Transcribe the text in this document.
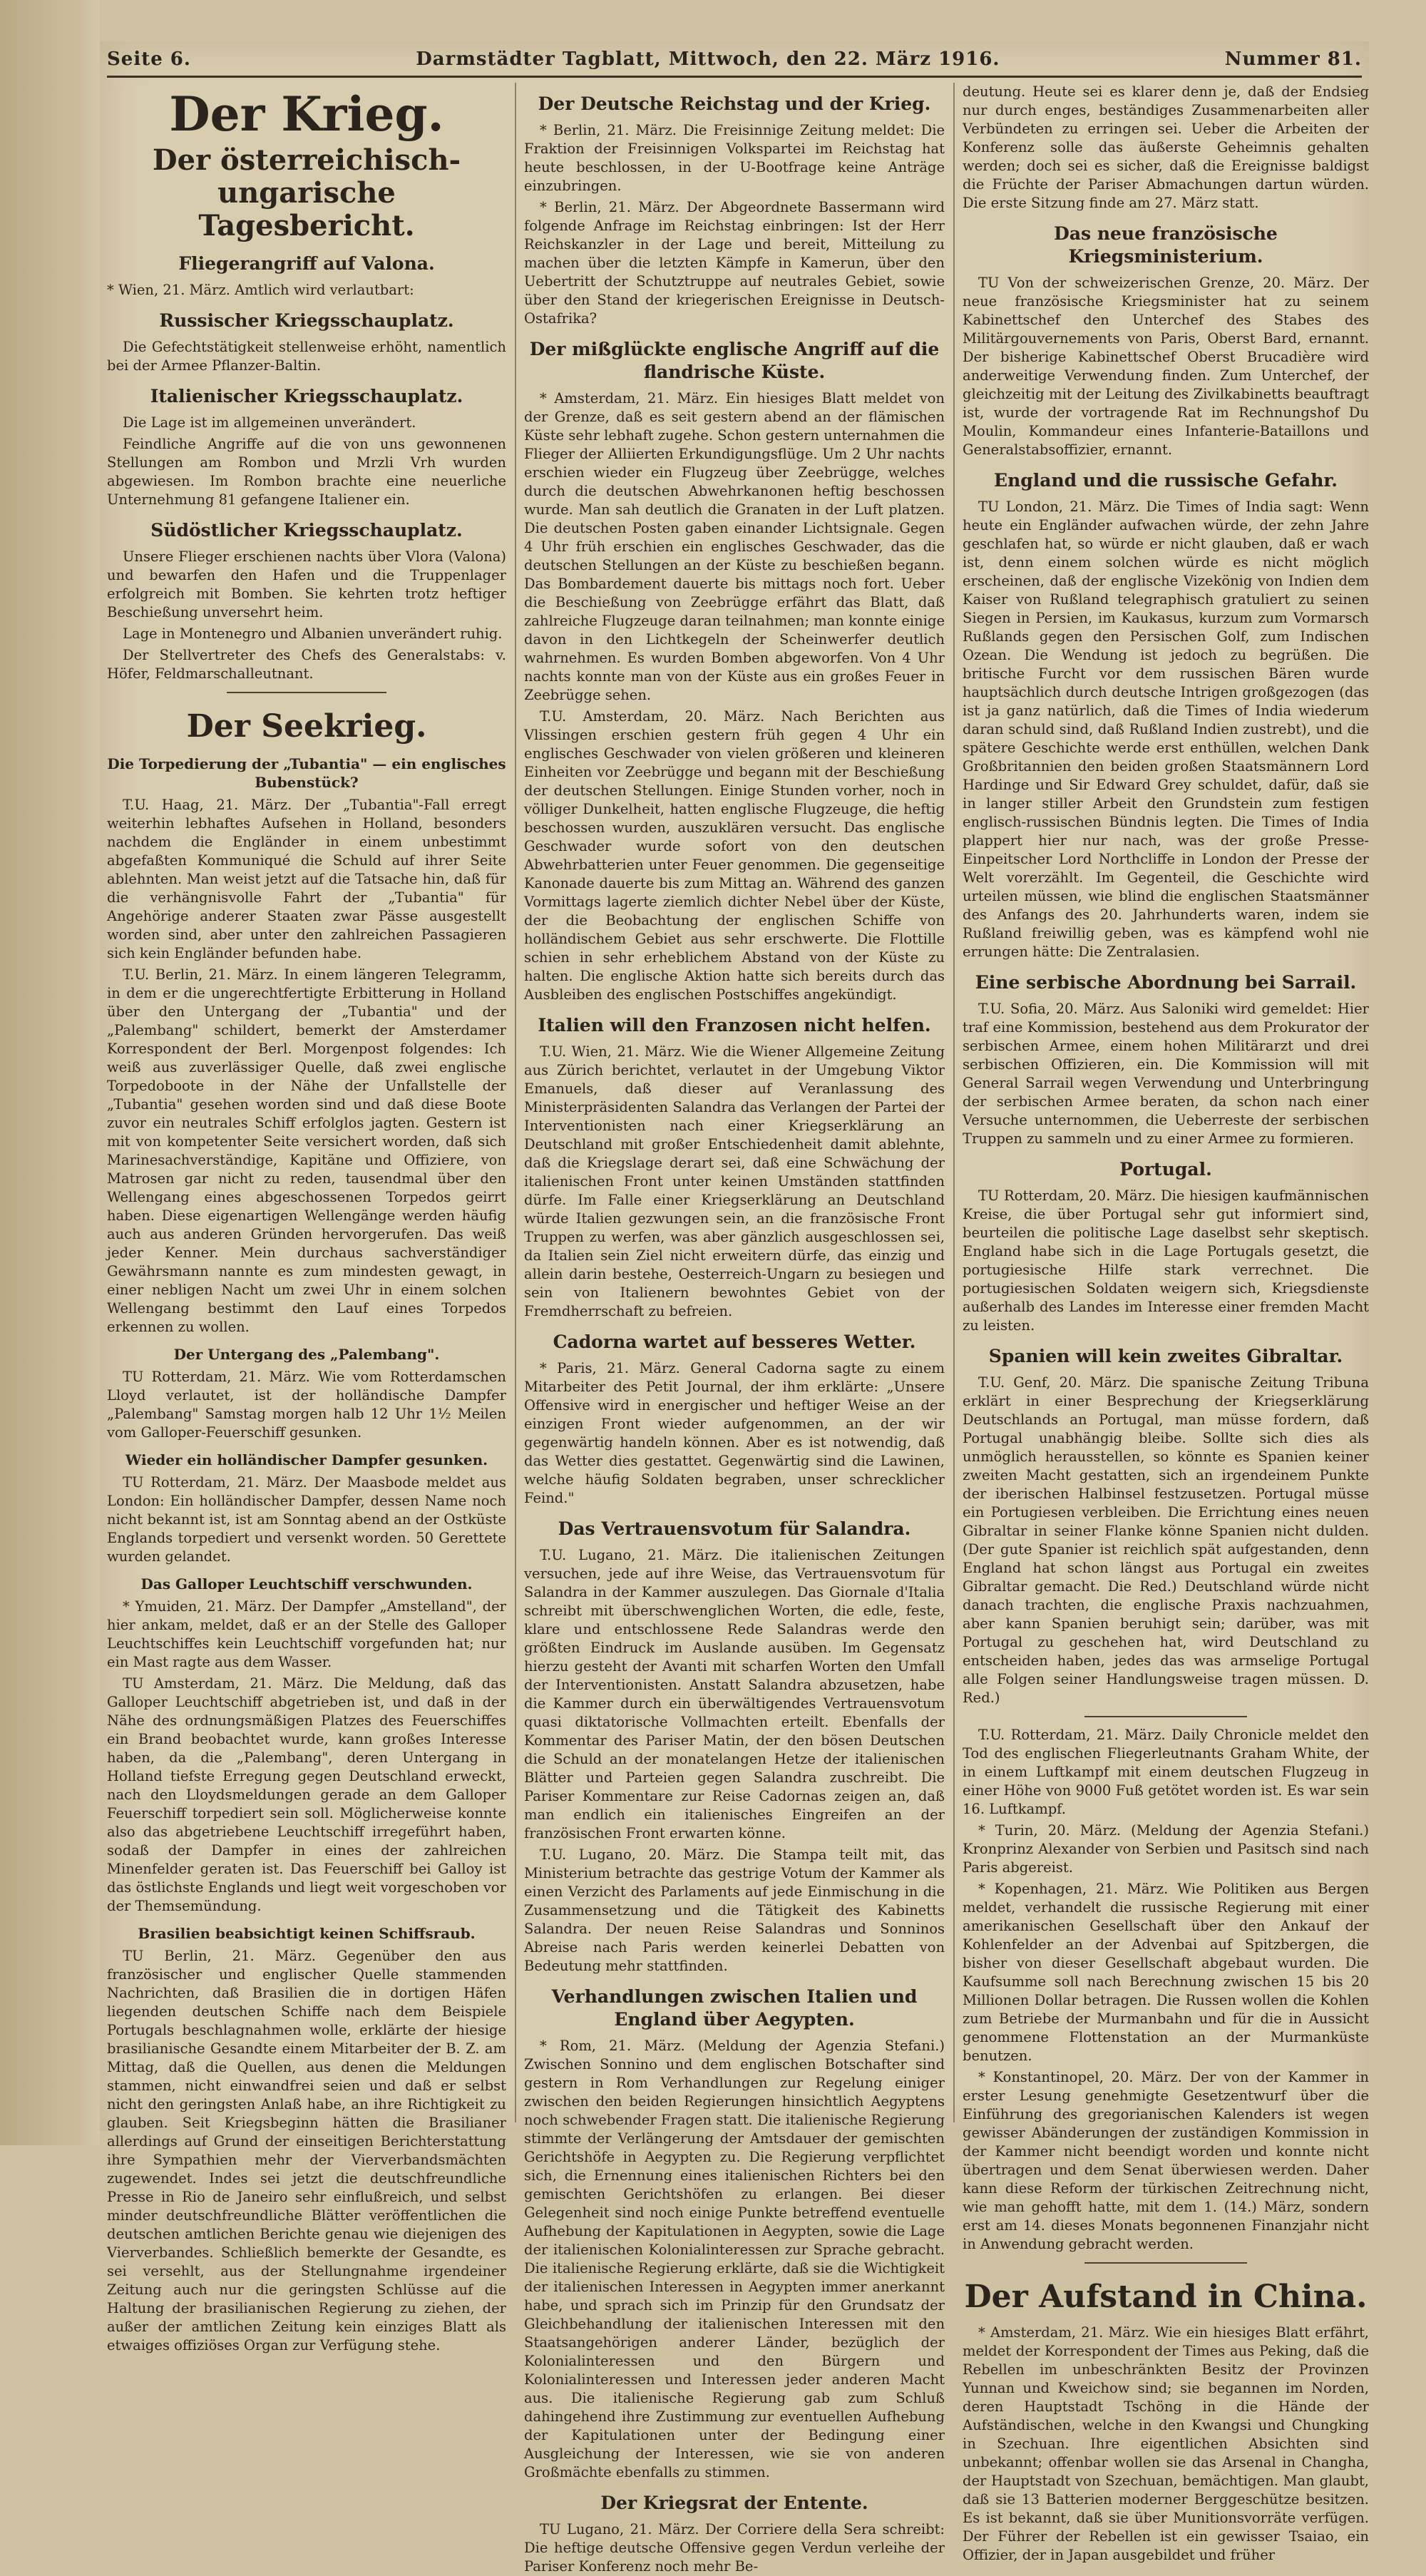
Seite 6.	Darmstädter Tagblatt, Mittwoch, den 22. März 1916.	Nummer 81.
Der Krieg.
Der österreichisch-ungarische Tagesbericht.
Fliegerangriff auf Valona.

* Wien, 21. März. Amtlich wird verlautbart:

Russischer Kriegsschauplatz.

Die Gefechtstätigkeit stellenweise erhöht, namentlich bei der Armee Pflanzer-Baltin.

Italienischer Kriegsschauplatz.

Die Lage ist im allgemeinen unverändert.

Feindliche Angriffe auf die von uns gewonnenen Stellungen am Rombon und Mrzli Vrh wurden abgewiesen. Im Rombon brachte eine neuerliche Unternehmung 81 gefangene Italiener ein.

Südöstlicher Kriegsschauplatz.

Unsere Flieger erschienen nachts über Vlora (Valona) und bewarfen den Hafen und die Truppenlager erfolgreich mit Bomben. Sie kehrten trotz heftiger Beschießung unversehrt heim.

Lage in Montenegro und Albanien unverändert ruhig.

Der Stellvertreter des Chefs des Generalstabs: v. Höfer, Feldmarschalleutnant.

Der Seekrieg.
Die Torpedierung der „Tubantia" — ein englisches Bubenstück?

T.U. Haag, 21. März. Der „Tubantia"-Fall erregt weiterhin lebhaftes Aufsehen in Holland, besonders nachdem die Engländer in einem unbestimmt abgefaßten Kommuniqué die Schuld auf ihrer Seite ablehnten. Man weist jetzt auf die Tatsache hin, daß für die verhängnisvolle Fahrt der „Tubantia" für Angehörige anderer Staaten zwar Pässe ausgestellt worden sind, aber unter den zahlreichen Passagieren sich kein Engländer befunden habe.

T.U. Berlin, 21. März. In einem längeren Telegramm, in dem er die ungerechtfertigte Erbitterung in Holland über den Untergang der „Tubantia" und der „Palembang" schildert, bemerkt der Amsterdamer Korrespondent der Berl. Morgenpost folgendes: Ich weiß aus zuverlässiger Quelle, daß zwei englische Torpedoboote in der Nähe der Unfallstelle der „Tubantia" gesehen worden sind und daß diese Boote zuvor ein neutrales Schiff erfolglos jagten. Gestern ist mit von kompetenter Seite versichert worden, daß sich Marinesachverständige, Kapitäne und Offiziere, von Matrosen gar nicht zu reden, tausendmal über den Wellengang eines abgeschossenen Torpedos geirrt haben. Diese eigenartigen Wellengänge werden häufig auch aus anderen Gründen hervorgerufen. Das weiß jeder Kenner. Mein durchaus sachverständiger Gewährsmann nannte es zum mindesten gewagt, in einer nebligen Nacht um zwei Uhr in einem solchen Wellengang bestimmt den Lauf eines Torpedos erkennen zu wollen.

Der Untergang des „Palembang".

TU Rotterdam, 21. März. Wie vom Rotterdamschen Lloyd verlautet, ist der holländische Dampfer „Palembang" Samstag morgen halb 12 Uhr 1½ Meilen vom Galloper-Feuerschiff gesunken.

Wieder ein holländischer Dampfer gesunken.

TU Rotterdam, 21. März. Der Maasbode meldet aus London: Ein holländischer Dampfer, dessen Name noch nicht bekannt ist, ist am Sonntag abend an der Ostküste Englands torpediert und versenkt worden. 50 Gerettete wurden gelandet.

Das Galloper Leuchtschiff verschwunden.

* Ymuiden, 21. März. Der Dampfer „Amstelland", der hier ankam, meldet, daß er an der Stelle des Galloper Leuchtschiffes kein Leuchtschiff vorgefunden hat; nur ein Mast ragte aus dem Wasser.

TU Amsterdam, 21. März. Die Meldung, daß das Galloper Leuchtschiff abgetrieben ist, und daß in der Nähe des ordnungsmäßigen Platzes des Feuerschiffes ein Brand beobachtet wurde, kann großes Interesse haben, da die „Palembang", deren Untergang in Holland tiefste Erregung gegen Deutschland erweckt, nach den Lloydsmeldungen gerade an dem Galloper Feuerschiff torpediert sein soll. Möglicherweise konnte also das abgetriebene Leuchtschiff irregeführt haben, sodaß der Dampfer in eines der zahlreichen Minenfelder geraten ist. Das Feuerschiff bei Galloy ist das östlichste Englands und liegt weit vorgeschoben vor der Themsemündung.

Brasilien beabsichtigt keinen Schiffsraub.

TU Berlin, 21. März. Gegenüber den aus französischer und englischer Quelle stammenden Nachrichten, daß Brasilien die in dortigen Häfen liegenden deutschen Schiffe nach dem Beispiele Portugals beschlagnahmen wolle, erklärte der hiesige brasilianische Gesandte einem Mitarbeiter der B. Z. am Mittag, daß die Quellen, aus denen die Meldungen stammen, nicht einwandfrei seien und daß er selbst nicht den geringsten Anlaß habe, an ihre Richtigkeit zu glauben. Seit Kriegsbeginn hätten die Brasilianer allerdings auf Grund der einseitigen Berichterstattung ihre Sympathien mehr der Vierverbandsmächten zugewendet. Indes sei jetzt die deutschfreundliche Presse in Rio de Janeiro sehr einflußreich, und selbst minder deutschfreundliche Blätter veröffentlichen die deutschen amtlichen Berichte genau wie diejenigen des Vierverbandes. Schließlich bemerkte der Gesandte, es sei versehlt, aus der Stellungnahme irgendeiner Zeitung auch nur die geringsten Schlüsse auf die Haltung der brasilianischen Regierung zu ziehen, der außer der amtlichen Zeitung kein einziges Blatt als etwaiges offiziöses Organ zur Verfügung stehe.

Der Deutsche Reichstag und der Krieg.

* Berlin, 21. März. Die Freisinnige Zeitung meldet: Die Fraktion der Freisinnigen Volkspartei im Reichstag hat heute beschlossen, in der U-Bootfrage keine Anträge einzubringen.

* Berlin, 21. März. Der Abgeordnete Bassermann wird folgende Anfrage im Reichstag einbringen: Ist der Herr Reichskanzler in der Lage und bereit, Mitteilung zu machen über die letzten Kämpfe in Kamerun, über den Uebertritt der Schutztruppe auf neutrales Gebiet, sowie über den Stand der kriegerischen Ereignisse in Deutsch-Ostafrika?

Der mißglückte englische Angriff auf die flandrische Küste.

* Amsterdam, 21. März. Ein hiesiges Blatt meldet von der Grenze, daß es seit gestern abend an der flämischen Küste sehr lebhaft zugehe. Schon gestern unternahmen die Flieger der Alliierten Erkundigungsflüge. Um 2 Uhr nachts erschien wieder ein Flugzeug über Zeebrügge, welches durch die deutschen Abwehrkanonen heftig beschossen wurde. Man sah deutlich die Granaten in der Luft platzen. Die deutschen Posten gaben einander Lichtsignale. Gegen 4 Uhr früh erschien ein englisches Geschwader, das die deutschen Stellungen an der Küste zu beschießen begann. Das Bombardement dauerte bis mittags noch fort. Ueber die Beschießung von Zeebrügge erfährt das Blatt, daß zahlreiche Flugzeuge daran teilnahmen; man konnte einige davon in den Lichtkegeln der Scheinwerfer deutlich wahrnehmen. Es wurden Bomben abgeworfen. Von 4 Uhr nachts konnte man von der Küste aus ein großes Feuer in Zeebrügge sehen.

T.U. Amsterdam, 20. März. Nach Berichten aus Vlissingen erschien gestern früh gegen 4 Uhr ein englisches Geschwader von vielen größeren und kleineren Einheiten vor Zeebrügge und begann mit der Beschießung der deutschen Stellungen. Einige Stunden vorher, noch in völliger Dunkelheit, hatten englische Flugzeuge, die heftig beschossen wurden, auszuklären versucht. Das englische Geschwader wurde sofort von den deutschen Abwehrbatterien unter Feuer genommen. Die gegenseitige Kanonade dauerte bis zum Mittag an. Während des ganzen Vormittags lagerte ziemlich dichter Nebel über der Küste, der die Beobachtung der englischen Schiffe von holländischem Gebiet aus sehr erschwerte. Die Flottille schien in sehr erheblichem Abstand von der Küste zu halten. Die englische Aktion hatte sich bereits durch das Ausbleiben des englischen Postschiffes angekündigt.

Italien will den Franzosen nicht helfen.

T.U. Wien, 21. März. Wie die Wiener Allgemeine Zeitung aus Zürich berichtet, verlautet in der Umgebung Viktor Emanuels, daß dieser auf Veranlassung des Ministerpräsidenten Salandra das Verlangen der Partei der Interventionisten nach einer Kriegserklärung an Deutschland mit großer Entschiedenheit damit ablehnte, daß die Kriegslage derart sei, daß eine Schwächung der italienischen Front unter keinen Umständen stattfinden dürfe. Im Falle einer Kriegserklärung an Deutschland würde Italien gezwungen sein, an die französische Front Truppen zu werfen, was aber gänzlich ausgeschlossen sei, da Italien sein Ziel nicht erweitern dürfe, das einzig und allein darin bestehe, Oesterreich-Ungarn zu besiegen und sein von Italienern bewohntes Gebiet von der Fremdherrschaft zu befreien.

Cadorna wartet auf besseres Wetter.

* Paris, 21. März. General Cadorna sagte zu einem Mitarbeiter des Petit Journal, der ihm erklärte: „Unsere Offensive wird in energischer und heftiger Weise an der einzigen Front wieder aufgenommen, an der wir gegenwärtig handeln können. Aber es ist notwendig, daß das Wetter dies gestattet. Gegenwärtig sind die Lawinen, welche häufig Soldaten begraben, unser schrecklicher Feind."

Das Vertrauensvotum für Salandra.

T.U. Lugano, 21. März. Die italienischen Zeitungen versuchen, jede auf ihre Weise, das Vertrauensvotum für Salandra in der Kammer auszulegen. Das Giornale d'Italia schreibt mit überschwenglichen Worten, die edle, feste, klare und entschlossene Rede Salandras werde den größten Eindruck im Auslande ausüben. Im Gegensatz hierzu gesteht der Avanti mit scharfen Worten den Umfall der Interventionisten. Anstatt Salandra abzusetzen, habe die Kammer durch ein überwältigendes Vertrauensvotum quasi diktatorische Vollmachten erteilt. Ebenfalls der Kommentar des Pariser Matin, der den bösen Deutschen die Schuld an der monatelangen Hetze der italienischen Blätter und Parteien gegen Salandra zuschreibt. Die Pariser Kommentare zur Reise Cadornas zeigen an, daß man endlich ein italienisches Eingreifen an der französischen Front erwarten könne.

T.U. Lugano, 20. März. Die Stampa teilt mit, das Ministerium betrachte das gestrige Votum der Kammer als einen Verzicht des Parlaments auf jede Einmischung in die Zusammensetzung und die Tätigkeit des Kabinetts Salandra. Der neuen Reise Salandras und Sonninos Abreise nach Paris werden keinerlei Debatten von Bedeutung mehr stattfinden.

Verhandlungen zwischen Italien und England über Aegypten.

* Rom, 21. März. (Meldung der Agenzia Stefani.) Zwischen Sonnino und dem englischen Botschafter sind gestern in Rom Verhandlungen zur Regelung einiger zwischen den beiden Regierungen hinsichtlich Aegyptens noch schwebender Fragen statt. Die italienische Regierung stimmte der Verlängerung der Amtsdauer der gemischten Gerichtshöfe in Aegypten zu. Die Regierung verpflichtet sich, die Ernennung eines italienischen Richters bei den gemischten Gerichtshöfen zu erlangen. Bei dieser Gelegenheit sind noch einige Punkte betreffend eventuelle Aufhebung der Kapitulationen in Aegypten, sowie die Lage der italienischen Kolonialinteressen zur Sprache gebracht. Die italienische Regierung erklärte, daß sie die Wichtigkeit der italienischen Interessen in Aegypten immer anerkannt habe, und sprach sich im Prinzip für den Grundsatz der Gleichbehandlung der italienischen Interessen mit den Staatsangehörigen anderer Länder, bezüglich der Kolonialinteressen und den Bürgern und Kolonialinteressen und Interessen jeder anderen Macht aus. Die italienische Regierung gab zum Schluß dahingehend ihre Zustimmung zur eventuellen Aufhebung der Kapitulationen unter der Bedingung einer Ausgleichung der Interessen, wie sie von anderen Großmächte ebenfalls zu stimmen.

Der Kriegsrat der Entente.

TU Lugano, 21. März. Der Corriere della Sera schreibt: Die heftige deutsche Offensive gegen Verdun verleihe der Pariser Konferenz noch mehr Be-

deutung. Heute sei es klarer denn je, daß der Endsieg nur durch enges, beständiges Zusammenarbeiten aller Verbündeten zu erringen sei. Ueber die Arbeiten der Konferenz solle das äußerste Geheimnis gehalten werden; doch sei es sicher, daß die Ereignisse baldigst die Früchte der Pariser Abmachungen dartun würden. Die erste Sitzung finde am 27. März statt.

Das neue französische Kriegsministerium.

TU Von der schweizerischen Grenze, 20. März. Der neue französische Kriegsminister hat zu seinem Kabinettschef den Unterchef des Stabes des Militärgouvernements von Paris, Oberst Bard, ernannt. Der bisherige Kabinettschef Oberst Brucadière wird anderweitige Verwendung finden. Zum Unterchef, der gleichzeitig mit der Leitung des Zivilkabinetts beauftragt ist, wurde der vortragende Rat im Rechnungshof Du Moulin, Kommandeur eines Infanterie-Bataillons und Generalstabsoffizier, ernannt.

England und die russische Gefahr.

TU London, 21. März. Die Times of India sagt: Wenn heute ein Engländer aufwachen würde, der zehn Jahre geschlafen hat, so würde er nicht glauben, daß er wach ist, denn einem solchen würde es nicht möglich erscheinen, daß der englische Vizekönig von Indien dem Kaiser von Rußland telegraphisch gratuliert zu seinen Siegen in Persien, im Kaukasus, kurzum zum Vormarsch Rußlands gegen den Persischen Golf, zum Indischen Ozean. Die Wendung ist jedoch zu begrüßen. Die britische Furcht vor dem russischen Bären wurde hauptsächlich durch deutsche Intrigen großgezogen (das ist ja ganz natürlich, daß die Times of India wiederum daran schuld sind, daß Rußland Indien zustrebt), und die spätere Geschichte werde erst enthüllen, welchen Dank Großbritannien den beiden großen Staatsmännern Lord Hardinge und Sir Edward Grey schuldet, dafür, daß sie in langer stiller Arbeit den Grundstein zum festigen englisch-russischen Bündnis legten. Die Times of India plappert hier nur nach, was der große Presse-Einpeitscher Lord Northcliffe in London der Presse der Welt vorerzählt. Im Gegenteil, die Geschichte wird urteilen müssen, wie blind die englischen Staatsmänner des Anfangs des 20. Jahrhunderts waren, indem sie Rußland freiwillig geben, was es kämpfend wohl nie errungen hätte: Die Zentralasien.

Eine serbische Abordnung bei Sarrail.

T.U. Sofia, 20. März. Aus Saloniki wird gemeldet: Hier traf eine Kommission, bestehend aus dem Prokurator der serbischen Armee, einem hohen Militärarzt und drei serbischen Offizieren, ein. Die Kommission will mit General Sarrail wegen Verwendung und Unterbringung der serbischen Armee beraten, da schon nach einer Versuche unternommen, die Ueberreste der serbischen Truppen zu sammeln und zu einer Armee zu formieren.

Portugal.

TU Rotterdam, 20. März. Die hiesigen kaufmännischen Kreise, die über Portugal sehr gut informiert sind, beurteilen die politische Lage daselbst sehr skeptisch. England habe sich in die Lage Portugals gesetzt, die portugiesische Hilfe stark verrechnet. Die portugiesischen Soldaten weigern sich, Kriegsdienste außerhalb des Landes im Interesse einer fremden Macht zu leisten.

Spanien will kein zweites Gibraltar.

T.U. Genf, 20. März. Die spanische Zeitung Tribuna erklärt in einer Besprechung der Kriegserklärung Deutschlands an Portugal, man müsse fordern, daß Portugal unabhängig bleibe. Sollte sich dies als unmöglich herausstellen, so könnte es Spanien keiner zweiten Macht gestatten, sich an irgendeinem Punkte der iberischen Halbinsel festzusetzen. Portugal müsse ein Portugiesen verbleiben. Die Errichtung eines neuen Gibraltar in seiner Flanke könne Spanien nicht dulden. (Der gute Spanier ist reichlich spät aufgestanden, denn England hat schon längst aus Portugal ein zweites Gibraltar gemacht. Die Red.) Deutschland würde nicht danach trachten, die englische Praxis nachzuahmen, aber kann Spanien beruhigt sein; darüber, was mit Portugal zu geschehen hat, wird Deutschland zu entscheiden haben, jedes das was armselige Portugal alle Folgen seiner Handlungsweise tragen müssen. D. Red.)

T.U. Rotterdam, 21. März. Daily Chronicle meldet den Tod des englischen Fliegerleutnants Graham White, der in einem Luftkampf mit einem deutschen Flugzeug in einer Höhe von 9000 Fuß getötet worden ist. Es war sein 16. Luftkampf.

* Turin, 20. März. (Meldung der Agenzia Stefani.) Kronprinz Alexander von Serbien und Pasitsch sind nach Paris abgereist.

* Kopenhagen, 21. März. Wie Politiken aus Bergen meldet, verhandelt die russische Regierung mit einer amerikanischen Gesellschaft über den Ankauf der Kohlenfelder an der Advenbai auf Spitzbergen, die bisher von dieser Gesellschaft abgebaut wurden. Die Kaufsumme soll nach Berechnung zwischen 15 bis 20 Millionen Dollar betragen. Die Russen wollen die Kohlen zum Betriebe der Murmanbahn und für die in Aussicht genommene Flottenstation an der Murmanküste benutzen.

* Konstantinopel, 20. März. Der von der Kammer in erster Lesung genehmigte Gesetzentwurf über die Einführung des gregorianischen Kalenders ist wegen gewisser Abänderungen der zuständigen Kommission in der Kammer nicht beendigt worden und konnte nicht übertragen und dem Senat überwiesen werden. Daher kann diese Reform der türkischen Zeitrechnung nicht, wie man gehofft hatte, mit dem 1. (14.) März, sondern erst am 14. dieses Monats begonnenen Finanzjahr nicht in Anwendung gebracht werden.

Der Aufstand in China.

* Amsterdam, 21. März. Wie ein hiesiges Blatt erfährt, meldet der Korrespondent der Times aus Peking, daß die Rebellen im unbeschränkten Besitz der Provinzen Yunnan und Kweichow sind; sie begannen im Norden, deren Hauptstadt Tschöng in die Hände der Aufständischen, welche in den Kwangsi und Chungking in Szechuan. Ihre eigentlichen Absichten sind unbekannt; offenbar wollen sie das Arsenal in Changha, der Hauptstadt von Szechuan, bemächtigen. Man glaubt, daß sie 13 Batterien moderner Berggeschütze besitzen. Es ist bekannt, daß sie über Munitionsvorräte verfügen. Der Führer der Rebellen ist ein gewisser Tsaiao, ein Offizier, der in Japan ausgebildet und früher
